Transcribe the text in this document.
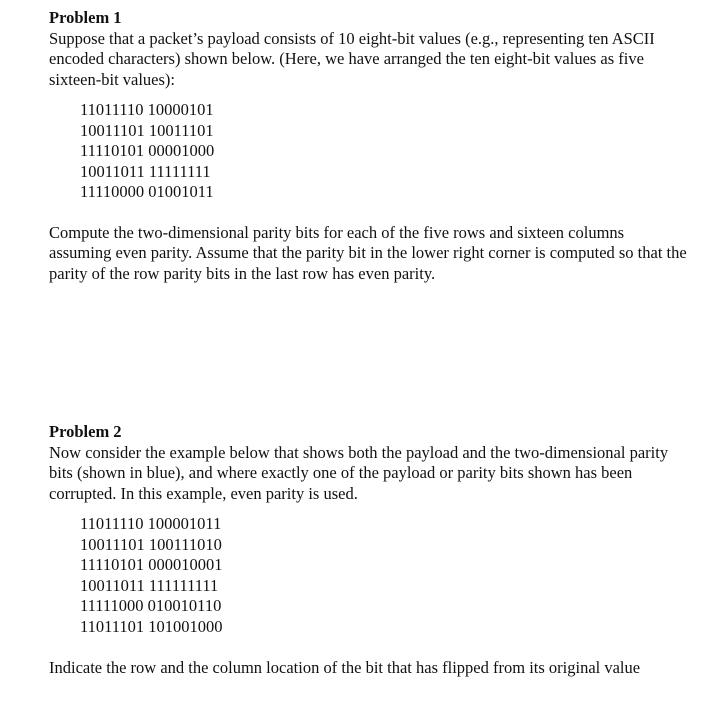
Problem 1

Suppose that a packet’s payload consists of 10 eight-bit values (e.g., representing ten ASCII encoded characters) shown below. (Here, we have arranged the ten eight-bit values as five sixteen-bit values):

11011110 10000101
10011101 10011101
11110101 00001000
10011011 11111111
11110000 01001011

Compute the two-dimensional parity bits for each of the five rows and sixteen columns assuming even parity. Assume that the parity bit in the lower right corner is computed so that the parity of the row parity bits in the last row has even parity.

Problem 2

Now consider the example below that shows both the payload and the two-dimensional parity bits (shown in blue), and where exactly one of the payload or parity bits shown has been corrupted. In this example, even parity is used.

11011110 100001011
10011101 100111010
11110101 000010001
10011011 111111111
11111000 010010110
11011101 101001000

Indicate the row and the column location of the bit that has flipped from its original value
